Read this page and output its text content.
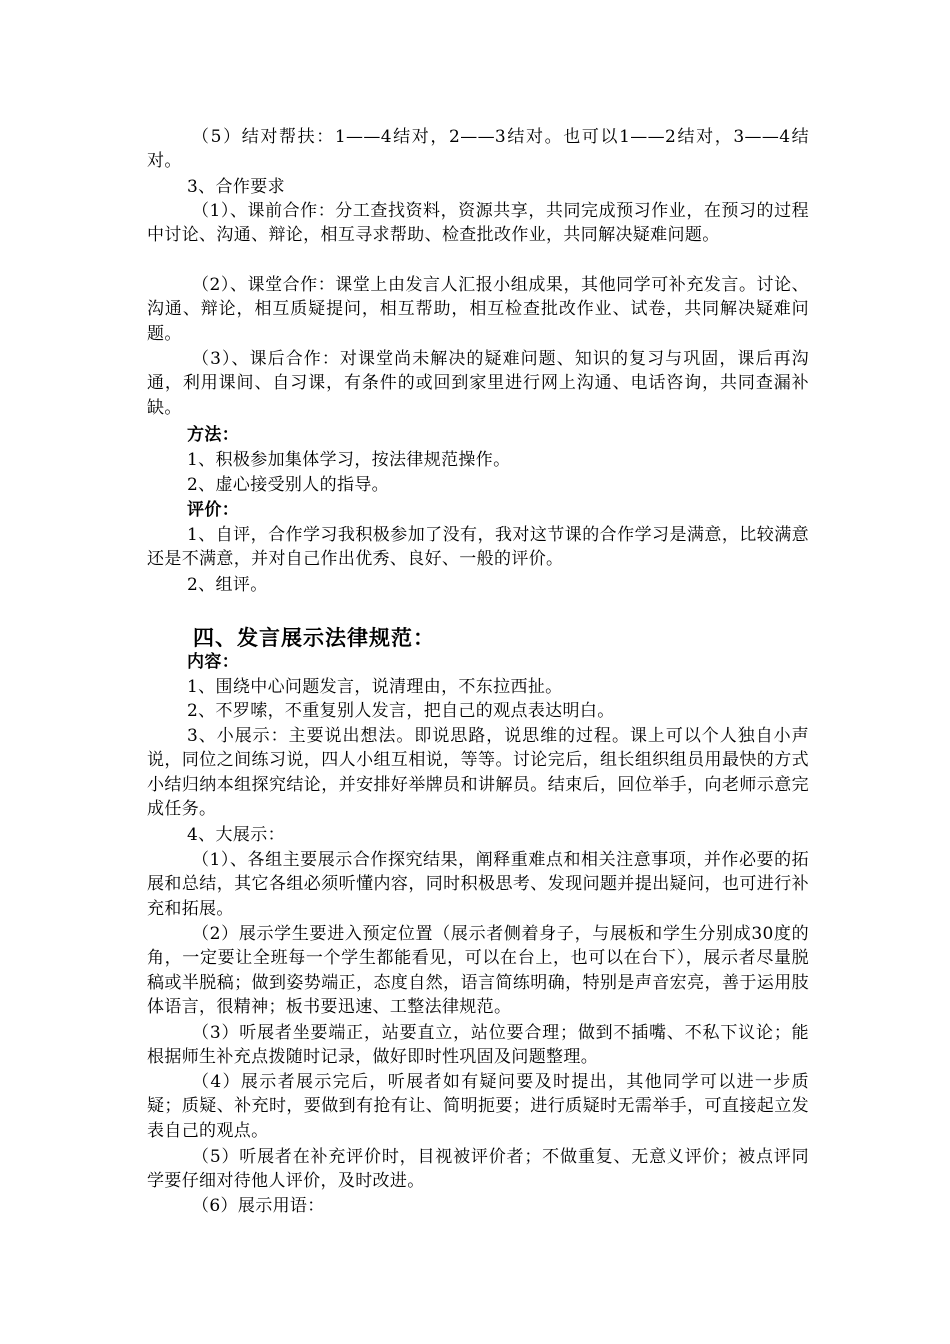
（5）结对帮扶：1——4结对，2——3结对。也可以1——2结对，3——4结对。

3、合作要求

（1）、课前合作：分工查找资料，资源共享，共同完成预习作业，在预习的过程中讨论、沟通、辩论，相互寻求帮助、检查批改作业，共同解决疑难问题。

（2）、课堂合作：课堂上由发言人汇报小组成果，其他同学可补充发言。讨论、沟通、辩论，相互质疑提问，相互帮助，相互检查批改作业、试卷，共同解决疑难问题。

（3）、课后合作：对课堂尚未解决的疑难问题、知识的复习与巩固，课后再沟通，利用课间、自习课，有条件的或回到家里进行网上沟通、电话咨询，共同查漏补缺。

方法：

1、积极参加集体学习，按法律规范操作。

2、虚心接受别人的指导。

评价：

1、自评，合作学习我积极参加了没有，我对这节课的合作学习是满意，比较满意还是不满意，并对自己作出优秀、良好、一般的评价。

2、组评。

四、发言展示法律规范：

内容：

1、围绕中心问题发言，说清理由，不东拉西扯。

2、不罗嗦，不重复别人发言，把自己的观点表达明白。

3、小展示：主要说出想法。即说思路，说思维的过程。课上可以个人独自小声说，同位之间练习说，四人小组互相说，等等。讨论完后，组长组织组员用最快的方式小结归纳本组探究结论，并安排好举牌员和讲解员。结束后，回位举手，向老师示意完成任务。

4、大展示：

（1）、各组主要展示合作探究结果，阐释重难点和相关注意事项，并作必要的拓展和总结，其它各组必须听懂内容，同时积极思考、发现问题并提出疑问，也可进行补充和拓展。

（2）展示学生要进入预定位置（展示者侧着身子，与展板和学生分别成30度的角，一定要让全班每一个学生都能看见，可以在台上，也可以在台下），展示者尽量脱稿或半脱稿；做到姿势端正，态度自然，语言简练明确，特别是声音宏亮，善于运用肢体语言，很精神；板书要迅速、工整法律规范。

（3）听展者坐要端正，站要直立，站位要合理；做到不插嘴、不私下议论；能根据师生补充点拨随时记录，做好即时性巩固及问题整理。

（4）展示者展示完后，听展者如有疑问要及时提出，其他同学可以进一步质疑；质疑、补充时，要做到有抢有让、简明扼要；进行质疑时无需举手，可直接起立发表自己的观点。

（5）听展者在补充评价时，目视被评价者；不做重复、无意义评价；被点评同学要仔细对待他人评价，及时改进。

（6）展示用语：
